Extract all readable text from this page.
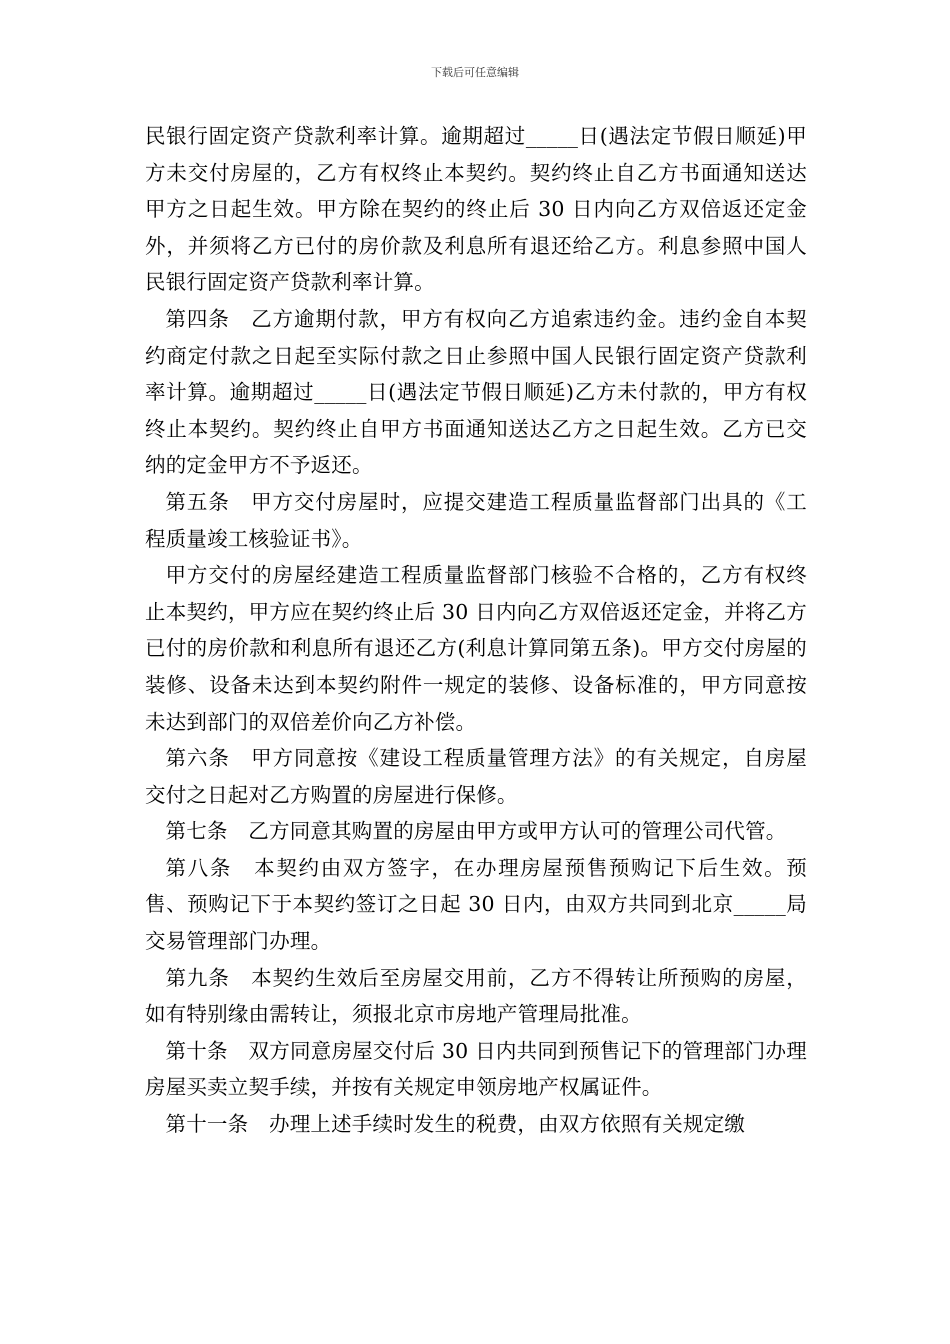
下载后可任意编辑

民银行固定资产贷款利率计算。逾期超过_____日(遇法定节假日顺延)甲方未交付房屋的，乙方有权终止本契约。契约终止自乙方书面通知送达甲方之日起生效。甲方除在契约的终止后 30 日内向乙方双倍返还定金外，并须将乙方已付的房价款及利息所有退还给乙方。利息参照中国人民银行固定资产贷款利率计算。

第四条　乙方逾期付款，甲方有权向乙方追索违约金。违约金自本契约商定付款之日起至实际付款之日止参照中国人民银行固定资产贷款利率计算。逾期超过_____日(遇法定节假日顺延)乙方未付款的，甲方有权终止本契约。契约终止自甲方书面通知送达乙方之日起生效。乙方已交纳的定金甲方不予返还。

第五条　甲方交付房屋时，应提交建造工程质量监督部门出具的《工程质量竣工核验证书》。

甲方交付的房屋经建造工程质量监督部门核验不合格的，乙方有权终止本契约，甲方应在契约终止后 30 日内向乙方双倍返还定金，并将乙方已付的房价款和利息所有退还乙方(利息计算同第五条)。甲方交付房屋的装修、设备未达到本契约附件一规定的装修、设备标准的，甲方同意按未达到部门的双倍差价向乙方补偿。

第六条　甲方同意按《建设工程质量管理方法》的有关规定，自房屋交付之日起对乙方购置的房屋进行保修。

第七条　乙方同意其购置的房屋由甲方或甲方认可的管理公司代管。

第八条　本契约由双方签字，在办理房屋预售预购记下后生效。预售、预购记下于本契约签订之日起 30 日内，由双方共同到北京_____局交易管理部门办理。

第九条　本契约生效后至房屋交用前，乙方不得转让所预购的房屋，如有特别缘由需转让，须报北京市房地产管理局批准。

第十条　双方同意房屋交付后 30 日内共同到预售记下的管理部门办理房屋买卖立契手续，并按有关规定申领房地产权属证件。

第十一条　办理上述手续时发生的税费，由双方依照有关规定缴
